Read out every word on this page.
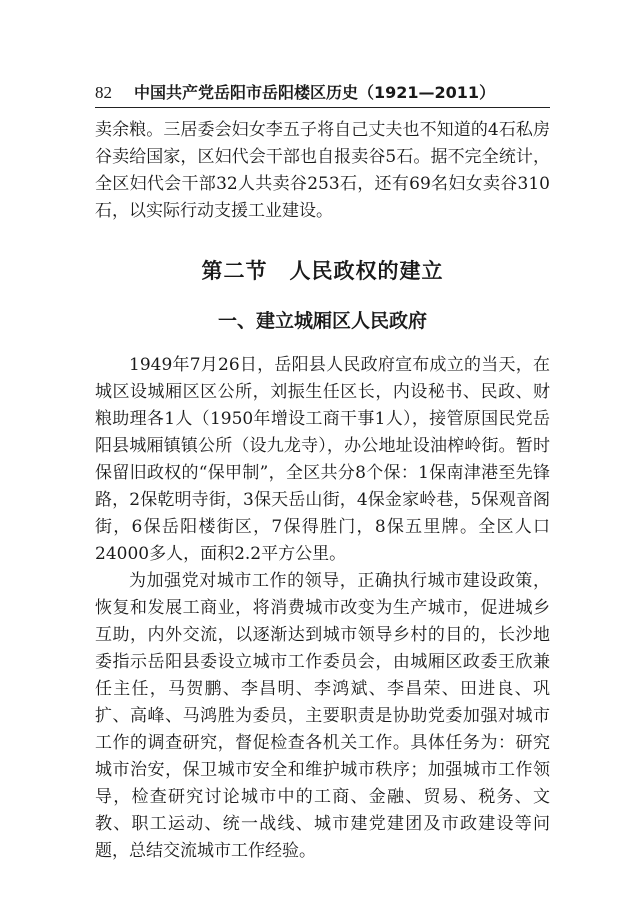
82 中国共产党岳阳市岳阳楼区历史（1921—2011）

卖余粮。三居委会妇女李五子将自己丈夫也不知道的4石私房谷卖给国家，区妇代会干部也自报卖谷5石。据不完全统计，全区妇代会干部32人共卖谷253石，还有69名妇女卖谷310石，以实际行动支援工业建设。

第二节　人民政权的建立
一、建立城厢区人民政府

1949年7月26日，岳阳县人民政府宣布成立的当天，在城区设城厢区区公所，刘振生任区长，内设秘书、民政、财粮助理各1人（1950年增设工商干事1人），接管原国民党岳阳县城厢镇镇公所（设九龙寺），办公地址设油榨岭街。暂时保留旧政权的“保甲制”，全区共分8个保：1保南津港至先锋路，2保乾明寺街，3保天岳山街，4保金家岭巷，5保观音阁街，6保岳阳楼街区，7保得胜门，8保五里牌。全区人口24000多人，面积2.2平方公里。

为加强党对城市工作的领导，正确执行城市建设政策，恢复和发展工商业，将消费城市改变为生产城市，促进城乡互助，内外交流，以逐渐达到城市领导乡村的目的，长沙地委指示岳阳县委设立城市工作委员会，由城厢区政委王欣兼任主任，马贺鹏、李昌明、李鸿斌、李昌荣、田进良、巩扩、高峰、马鸿胜为委员，主要职责是协助党委加强对城市工作的调查研究，督促检查各机关工作。具体任务为：研究城市治安，保卫城市安全和维护城市秩序；加强城市工作领导，检查研究讨论城市中的工商、金融、贸易、税务、文教、职工运动、统一战线、城市建党建团及市政建设等问题，总结交流城市工作经验。
